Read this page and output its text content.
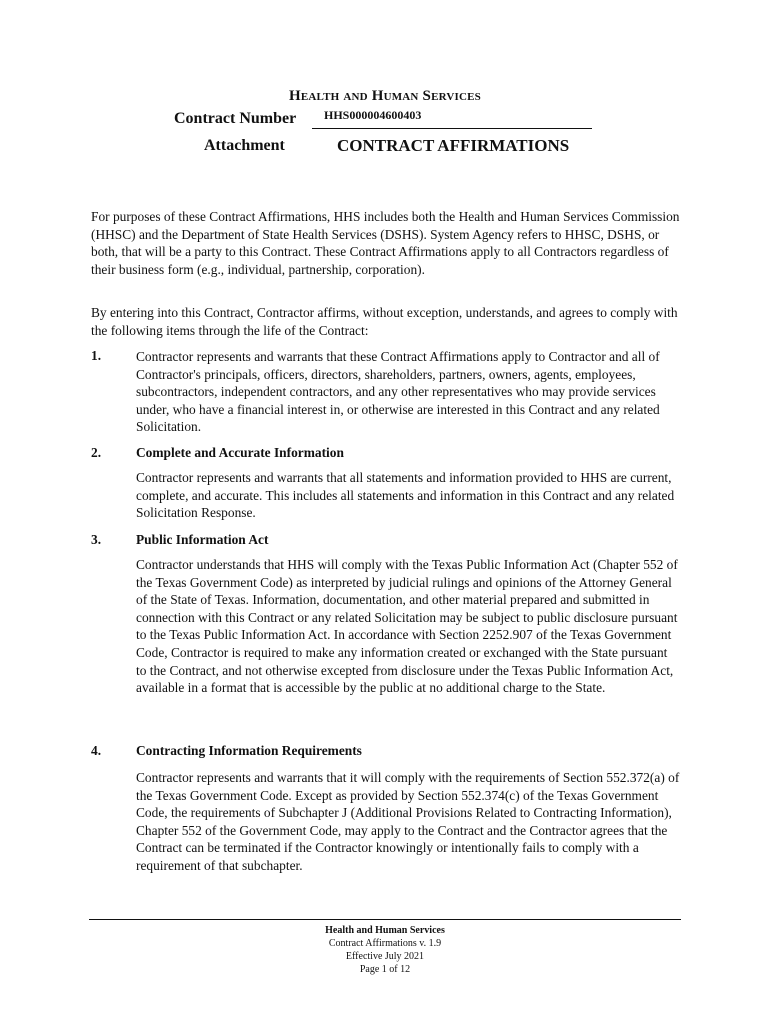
Health and Human Services
Contract Number HHS000004600403
Attachment	CONTRACT AFFIRMATIONS

For purposes of these Contract Affirmations, HHS includes both the Health and Human Services Commission (HHSC) and the Department of State Health Services (DSHS). System Agency refers to HHSC, DSHS, or both, that will be a party to this Contract. These Contract Affirmations apply to all Contractors regardless of their business form (e.g., individual, partnership, corporation).

By entering into this Contract, Contractor affirms, without exception, understands, and agrees to comply with the following items through the life of the Contract:

1.	Contractor represents and warrants that these Contract Affirmations apply to Contractor and all of Contractor's principals, officers, directors, shareholders, partners, owners, agents, employees, subcontractors, independent contractors, and any other representatives who may provide services under, who have a financial interest in, or otherwise are interested in this Contract and any related Solicitation.

2.	Complete and Accurate Information

Contractor represents and warrants that all statements and information provided to HHS are current, complete, and accurate. This includes all statements and information in this Contract and any related Solicitation Response.

3.	Public Information Act

Contractor understands that HHS will comply with the Texas Public Information Act (Chapter 552 of the Texas Government Code) as interpreted by judicial rulings and opinions of the Attorney General of the State of Texas. Information, documentation, and other material prepared and submitted in connection with this Contract or any related Solicitation may be subject to public disclosure pursuant to the Texas Public Information Act. In accordance with Section 2252.907 of the Texas Government Code, Contractor is required to make any information created or exchanged with the State pursuant to the Contract, and not otherwise excepted from disclosure under the Texas Public Information Act, available in a format that is accessible by the public at no additional charge to the State.

4.	Contracting Information Requirements

Contractor represents and warrants that it will comply with the requirements of Section 552.372(a) of the Texas Government Code. Except as provided by Section 552.374(c) of the Texas Government Code, the requirements of Subchapter J (Additional Provisions Related to Contracting Information), Chapter 552 of the Government Code, may apply to the Contract and the Contractor agrees that the Contract can be terminated if the Contractor knowingly or intentionally fails to comply with a requirement of that subchapter.

Health and Human Services
Contract Affirmations v. 1.9
Effective July 2021
Page 1 of 12
